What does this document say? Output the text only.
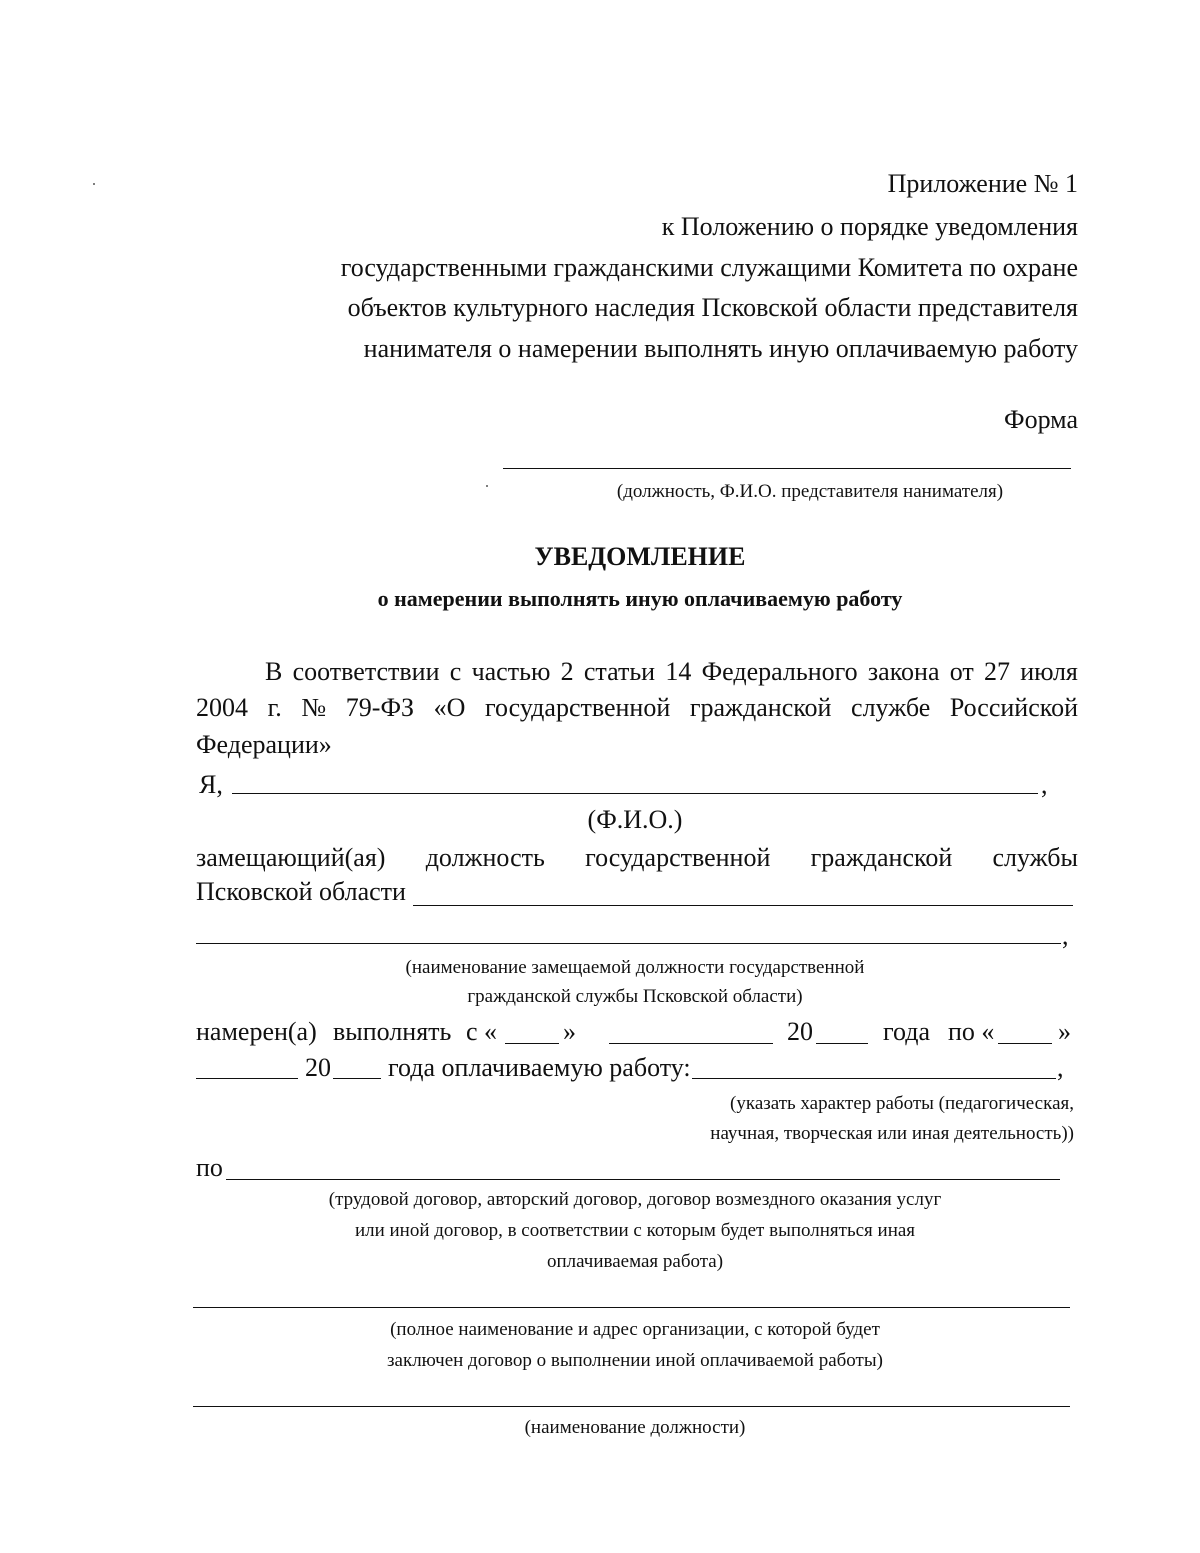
Приложение № 1
к Положению о порядке уведомления
государственными гражданскими служащими Комитета по охране
объектов культурного наследия Псковской области представителя
нанимателя о намерении выполнять иную оплачиваемую работу
Форма
(должность, Ф.И.О. представителя нанимателя)
УВЕДОМЛЕНИЕ
о намерении выполнять иную оплачиваемую работу
В соответствии с частью 2 статьи 14 Федерального закона от 27 июля
2004 г. № 79-ФЗ «О государственной гражданской службе Российской
Федерации»
Я,	,
(Ф.И.О.)
замещающий(ая) должность государственной гражданской службы
Псковской области
,
(наименование замещаемой должности государственной
гражданской службы Псковской области)
намерен(а) выполнять с «	»	20	года по « »
20 года оплачиваемую работу:	,
(указать характер работы (педагогическая,
научная, творческая или иная деятельность))
по
(трудовой договор, авторский договор, договор возмездного оказания услуг
или иной договор, в соответствии с которым будет выполняться иная
оплачиваемая работа)
(полное наименование и адрес организации, с которой будет
заключен договор о выполнении иной оплачиваемой работы)
(наименование должности)
